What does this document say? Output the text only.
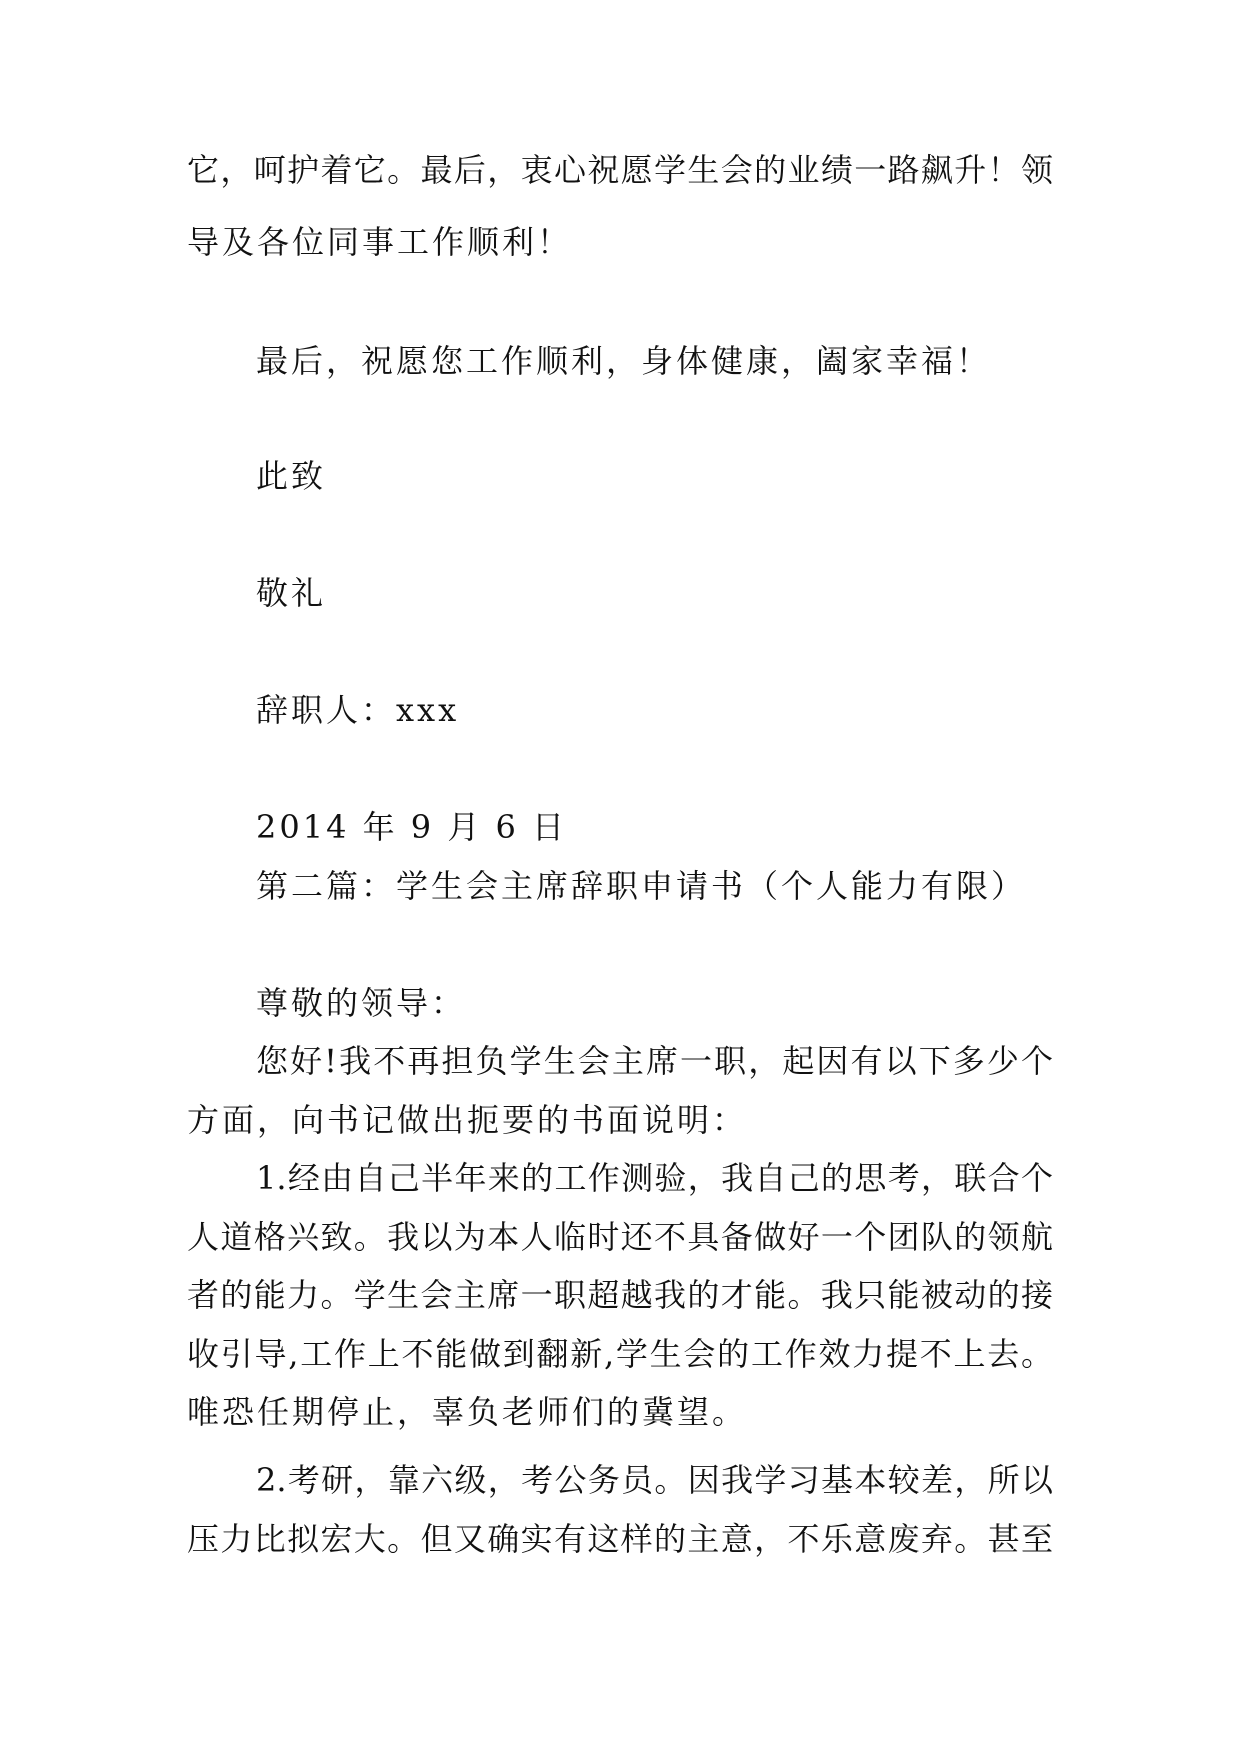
它，呵护着它。最后，衷心祝愿学生会的业绩一路飙升！领
导及各位同事工作顺利！
最后，祝愿您工作顺利，身体健康，阖家幸福！
此致
敬礼
辞职人：xxx
2014 年 9 月 6 日
第二篇：学生会主席辞职申请书（个人能力有限）
尊敬的领导：
您好!我不再担负学生会主席一职，起因有以下多少个
方面，向书记做出扼要的书面说明：
1.经由自己半年来的工作测验，我自己的思考，联合个
人道格兴致。我以为本人临时还不具备做好一个团队的领航
者的能力。学生会主席一职超越我的才能。我只能被动的接
收引导,工作上不能做到翻新,学生会的工作效力提不上去。
唯恐任期停止，辜负老师们的冀望。
2.考研，靠六级，考公务员。因我学习基本较差，所以
压力比拟宏大。但又确实有这样的主意，不乐意废弃。甚至
